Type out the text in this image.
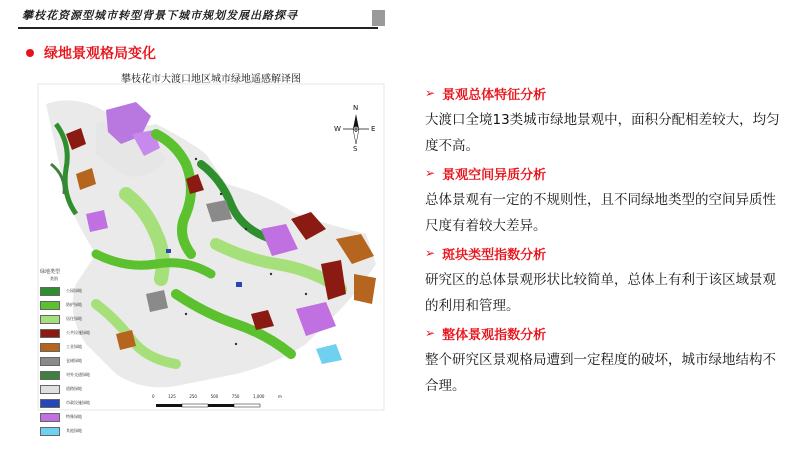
攀枝花资源型城市转型背景下城市规划发展出路探寻
绿地景观格局变化
攀枝花市大渡口地区城市绿地遥感解译图
N
S
W	E
0	125	250	500	750	1,000	m
绿地类型
类别
公园绿地
防护绿地
居住绿地
公共设施绿地
工业绿地
仓储绿地
对外交通绿地
道路绿地
市政设施绿地
特殊绿地
其他绿地
➢ 景观总体特征分析
大渡口全境13类城市绿地景观中，面积分配相差较大，均匀度不高。
➢ 景观空间异质分析
总体景观有一定的不规则性，且不同绿地类型的空间异质性尺度有着较大差异。
➢ 斑块类型指数分析
研究区的总体景观形状比较简单，总体上有利于该区域景观的利用和管理。
➢ 整体景观指数分析
整个研究区景观格局遭到一定程度的破坏，城市绿地结构不合理。
